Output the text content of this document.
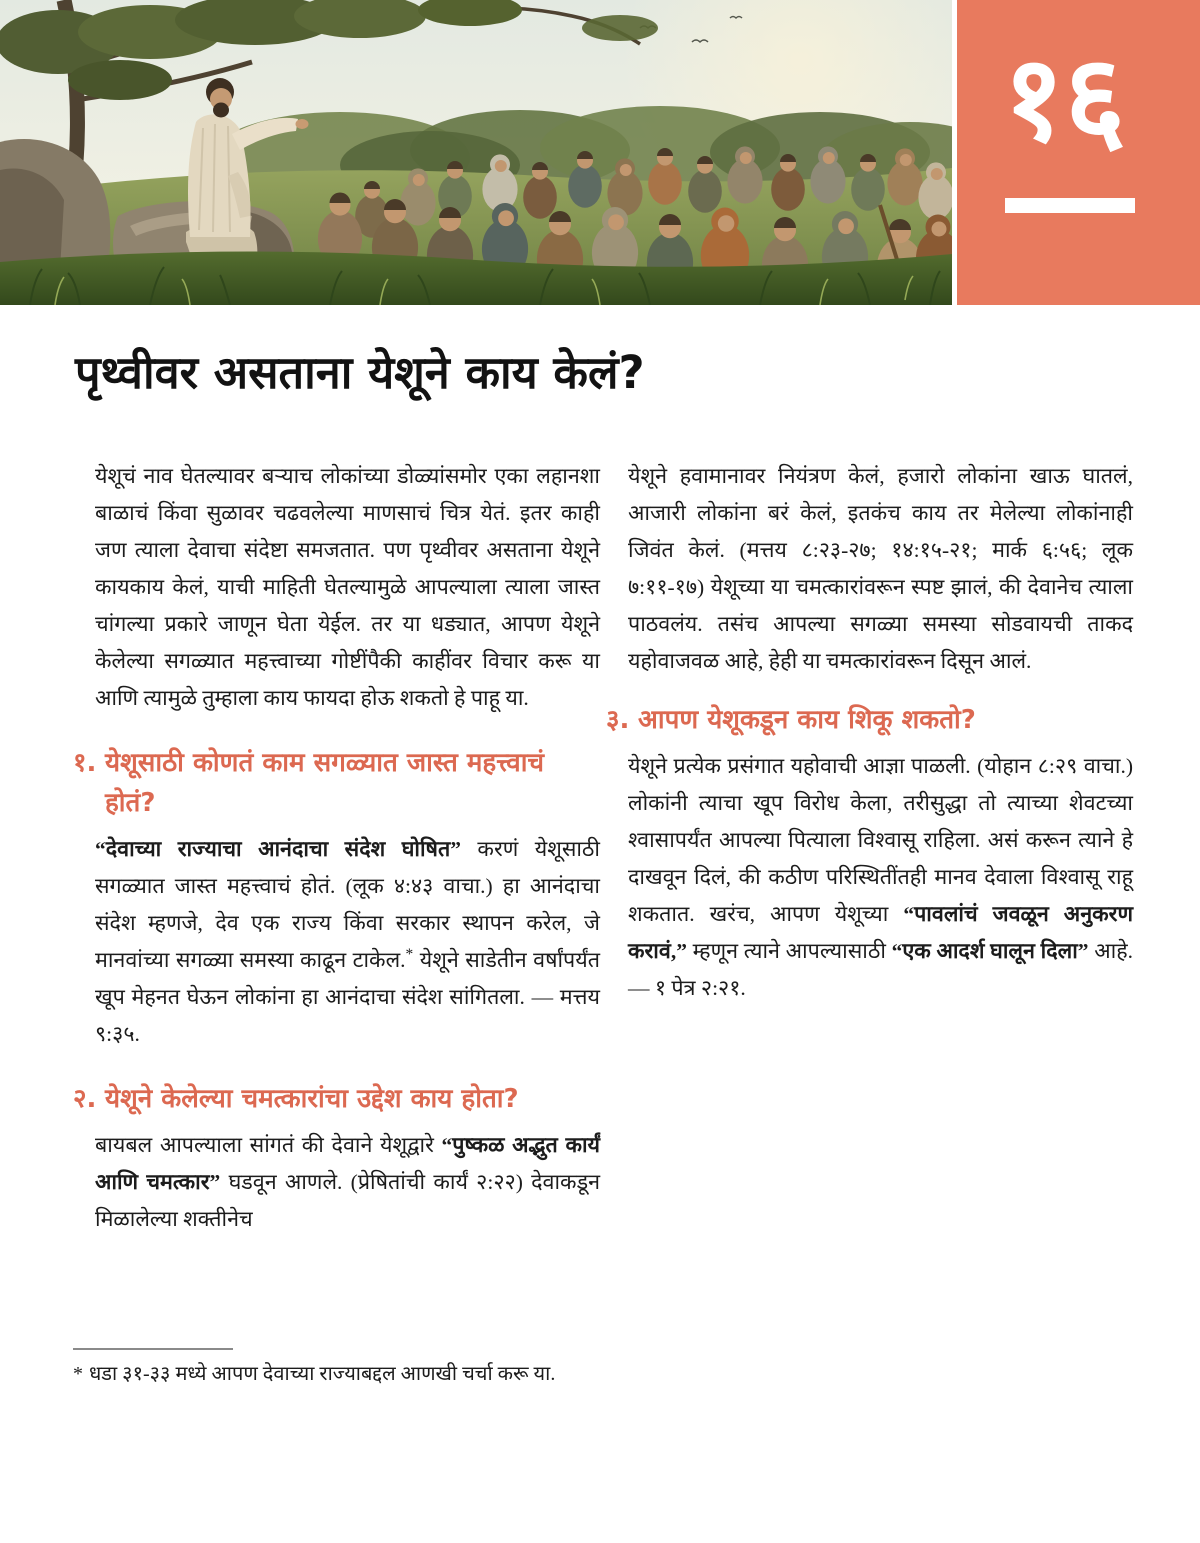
१६
पृथ्वीवर असताना येशूने काय केलं?

येशूचं नाव घेतल्यावर बऱ्याच लोकांच्या डोळ्यांसमोर एका लहानशा बाळाचं किंवा सुळावर चढवलेल्या माणसाचं चित्र येतं. इतर काही जण त्याला देवाचा संदेष्टा समजतात. पण पृथ्वीवर असताना येशूने कायकाय केलं, याची माहिती घेतल्यामुळे आपल्याला त्याला जास्त चांगल्या प्रकारे जाणून घेता येईल. तर या धड्यात, आपण येशूने केलेल्या सगळ्यात महत्त्वाच्या गोष्टींपैकी काहींवर विचार करू या आणि त्यामुळे तुम्हाला काय फायदा होऊ शकतो हे पाहू या.

१. येशूसाठी कोणतं काम सगळ्यात जास्त महत्त्वाचं होतं?

“देवाच्या राज्याचा आनंदाचा संदेश घोषित” करणं येशूसाठी सगळ्यात जास्त महत्त्वाचं होतं. (लूक ४:४३ वाचा.) हा आनंदाचा संदेश म्हणजे, देव एक राज्य किंवा सरकार स्थापन करेल, जे मानवांच्या सगळ्या समस्या काढून टाकेल.* येशूने साडेतीन वर्षांपर्यंत खूप मेहनत घेऊन लोकांना हा आनंदाचा संदेश सांगितला. — मत्तय ९:३५.

२. येशूने केलेल्या चमत्कारांचा उद्देश काय होता?

बायबल आपल्याला सांगतं की देवाने येशूद्वारे “पुष्कळ अद्भुत कार्यं आणि चमत्कार” घडवून आणले. (प्रेषितांची कार्यं २:२२) देवाकडून मिळालेल्या शक्तीनेच

येशूने हवामानावर नियंत्रण केलं, हजारो लोकांना खाऊ घातलं, आजारी लोकांना बरं केलं, इतकंच काय तर मेलेल्या लोकांनाही जिवंत केलं. (मत्तय ८:२३-२७; १४:१५-२१; मार्क ६:५६; लूक ७:११-१७) येशूच्या या चमत्कारांवरून स्पष्ट झालं, की देवानेच त्याला पाठवलंय. तसंच आपल्या सगळ्या समस्या सोडवायची ताकद यहोवाजवळ आहे, हेही या चमत्कारांवरून दिसून आलं.

३. आपण येशूकडून काय शिकू शकतो?

येशूने प्रत्येक प्रसंगात यहोवाची आज्ञा पाळली. (योहान ८:२९ वाचा.) लोकांनी त्याचा खूप विरोध केला, तरीसुद्धा तो त्याच्या शेवटच्या श्वासापर्यंत आपल्या पित्याला विश्वासू राहिला. असं करून त्याने हे दाखवून दिलं, की कठीण परिस्थितींतही मानव देवाला विश्वासू राहू शकतात. खरंच, आपण येशूच्या “पावलांचं जवळून अनुकरण करावं,” म्हणून त्याने आपल्यासाठी “एक आदर्श घालून दिला” आहे. — १ पेत्र २:२१.

* धडा ३१-३३ मध्ये आपण देवाच्या राज्याबद्दल आणखी चर्चा करू या.
